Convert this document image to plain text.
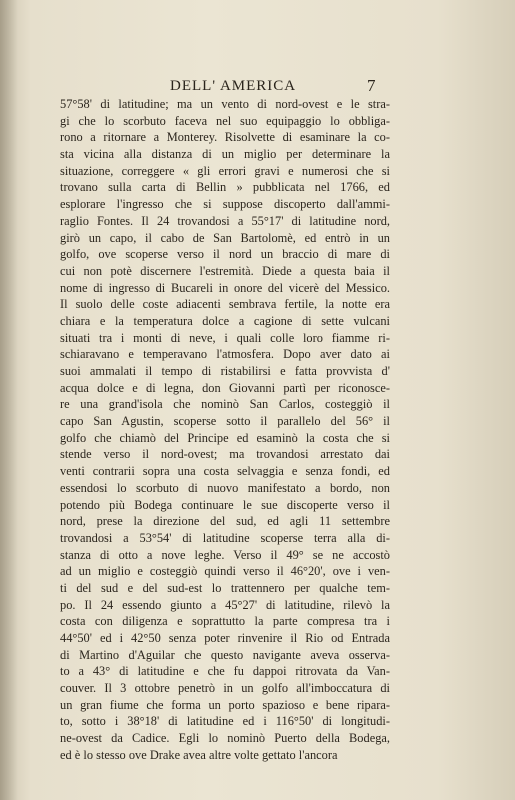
DELL' AMERICA	7
57°58' di latitudine; ma un vento di nord-ovest e le stra-
gi che lo scorbuto faceva nel suo equipaggio lo obbliga-
rono a ritornare a Monterey. Risolvette di esaminare la co-
sta vicina alla distanza di un miglio per determinare la
situazione, correggere « gli errori gravi e numerosi che si
trovano sulla carta di Bellin » pubblicata nel 1766, ed
esplorare l'ingresso che si suppose discoperto dall'ammi-
raglio Fontes. Il 24 trovandosi a 55°17' di latitudine nord,
girò un capo, il cabo de San Bartolomè, ed entrò in un
golfo, ove scoperse verso il nord un braccio di mare di
cui non potè discernere l'estremità. Diede a questa baia il
nome di ingresso di Bucareli in onore del vicerè del Messico.
Il suolo delle coste adiacenti sembrava fertile, la notte era
chiara e la temperatura dolce a cagione di sette vulcani
situati tra i monti di neve, i quali colle loro fiamme ri-
schiaravano e temperavano l'atmosfera. Dopo aver dato ai
suoi ammalati il tempo di ristabilirsi e fatta provvista d'
acqua dolce e di legna, don Giovanni partì per riconosce-
re una grand'isola che nominò San Carlos, costeggiò il
capo San Agustin, scoperse sotto il parallelo del 56° il
golfo che chiamò del Principe ed esaminò la costa che si
stende verso il nord-ovest; ma trovandosi arrestato dai
venti contrarii sopra una costa selvaggia e senza fondi, ed
essendosi lo scorbuto di nuovo manifestato a bordo, non
potendo più Bodega continuare le sue discoperte verso il
nord, prese la direzione del sud, ed agli 11 settembre
trovandosi a 53°54' di latitudine scoperse terra alla di-
stanza di otto a nove leghe. Verso il 49° se ne accostò
ad un miglio e costeggiò quindi verso il 46°20', ove i ven-
ti del sud e del sud-est lo trattennero per qualche tem-
po. Il 24 essendo giunto a 45°27' di latitudine, rilevò la
costa con diligenza e soprattutto la parte compresa tra i
44°50' ed i 42°50 senza poter rinvenire il Rio od Entrada
di Martino d'Aguilar che questo navigante aveva osserva-
to a 43° di latitudine e che fu dappoi ritrovata da Van-
couver. Il 3 ottobre penetrò in un golfo all'imboccatura di
un gran fiume che forma un porto spazioso e bene ripara-
to, sotto i 38°18' di latitudine ed i 116°50' di longitudi-
ne-ovest da Cadice. Egli lo nominò Puerto della Bodega,
ed è lo stesso ove Drake avea altre volte gettato l'ancora
